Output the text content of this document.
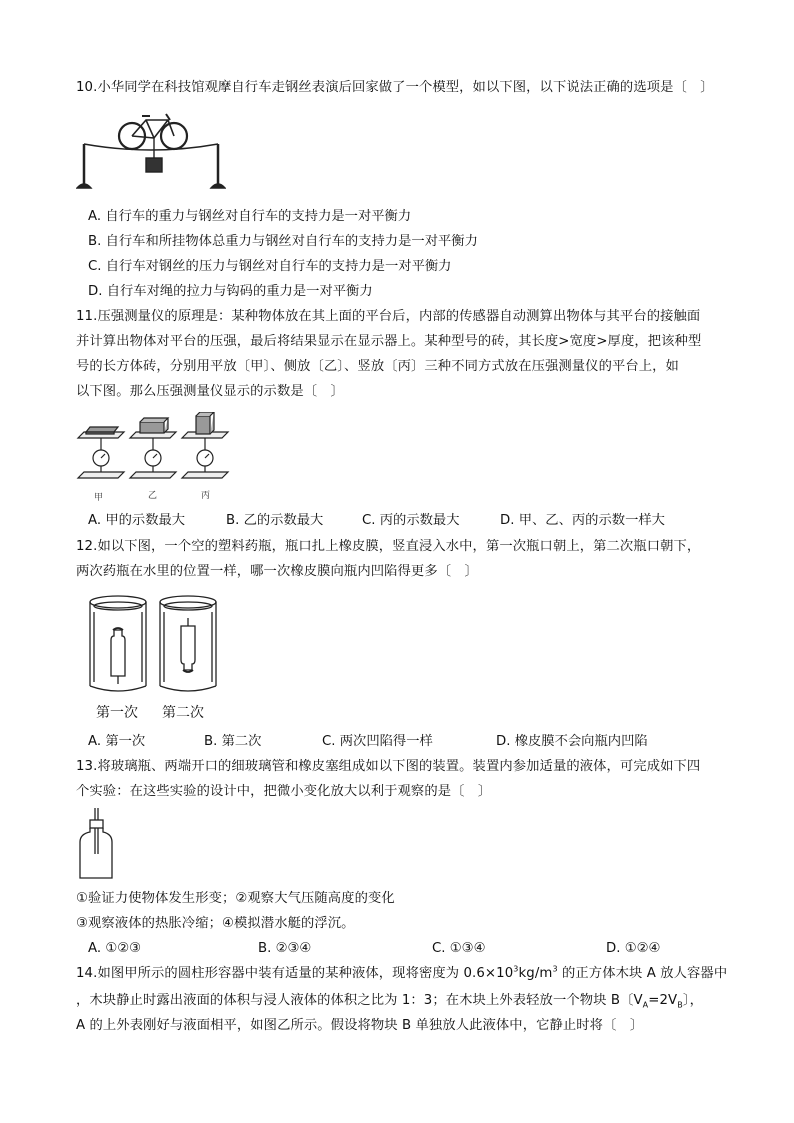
10.小华同学在科技馆观摩自行车走钢丝表演后回家做了一个模型，如以下图，以下说法正确的选项是〔　〕
A. 自行车的重力与钢丝对自行车的支持力是一对平衡力
B. 自行车和所挂物体总重力与钢丝对自行车的支持力是一对平衡力
C. 自行车对钢丝的压力与钢丝对自行车的支持力是一对平衡力
D. 自行车对绳的拉力与钩码的重力是一对平衡力
11.压强测量仪的原理是：某种物体放在其上面的平台后，内部的传感器自动测算出物体与其平台的接触面
并计算出物体对平台的压强，最后将结果显示在显示器上。某种型号的砖，其长度>宽度>厚度，把该种型
号的长方体砖，分别用平放〔甲〕、侧放〔乙〕、竖放〔丙〕三种不同方式放在压强测量仪的平台上，如
以下图。那么压强测量仪显示的示数是〔　〕
甲	乙	丙
A. 甲的示数最大	B. 乙的示数最大	C. 丙的示数最大	D. 甲、乙、丙的示数一样大
12.如以下图，一个空的塑料药瓶，瓶口扎上橡皮膜，竖直浸入水中，第一次瓶口朝上，第二次瓶口朝下，
两次药瓶在水里的位置一样，哪一次橡皮膜向瓶内凹陷得更多〔　〕
第一次 第二次
A. 第一次	B. 第二次	C. 两次凹陷得一样	D. 橡皮膜不会向瓶内凹陷
13.将玻璃瓶、两端开口的细玻璃管和橡皮塞组成如以下图的装置。装置内参加适量的液体，可完成如下四
个实验：在这些实验的设计中，把微小变化放大以利于观察的是〔　〕
①验证力使物体发生形变；②观察大气压随高度的变化
③观察液体的热胀冷缩；④模拟潜水艇的浮沉。
A. ①②③	B. ②③④	C. ①③④	D. ①②④
14.如图甲所示的圆柱形容器中装有适量的某种液体，现将密度为 $0.6\times 10^3kg/m^3$ 的正方体木块 A 放人容器中
，木块静止时露出液面的体积与浸人液体的体积之比为 1：3；在木块上外表轻放一个物块 B〔$V_A=2V_B$〕，
A 的上外表刚好与液面相平，如图乙所示。假设将物块 B 单独放人此液体中，它静止时将〔　〕
